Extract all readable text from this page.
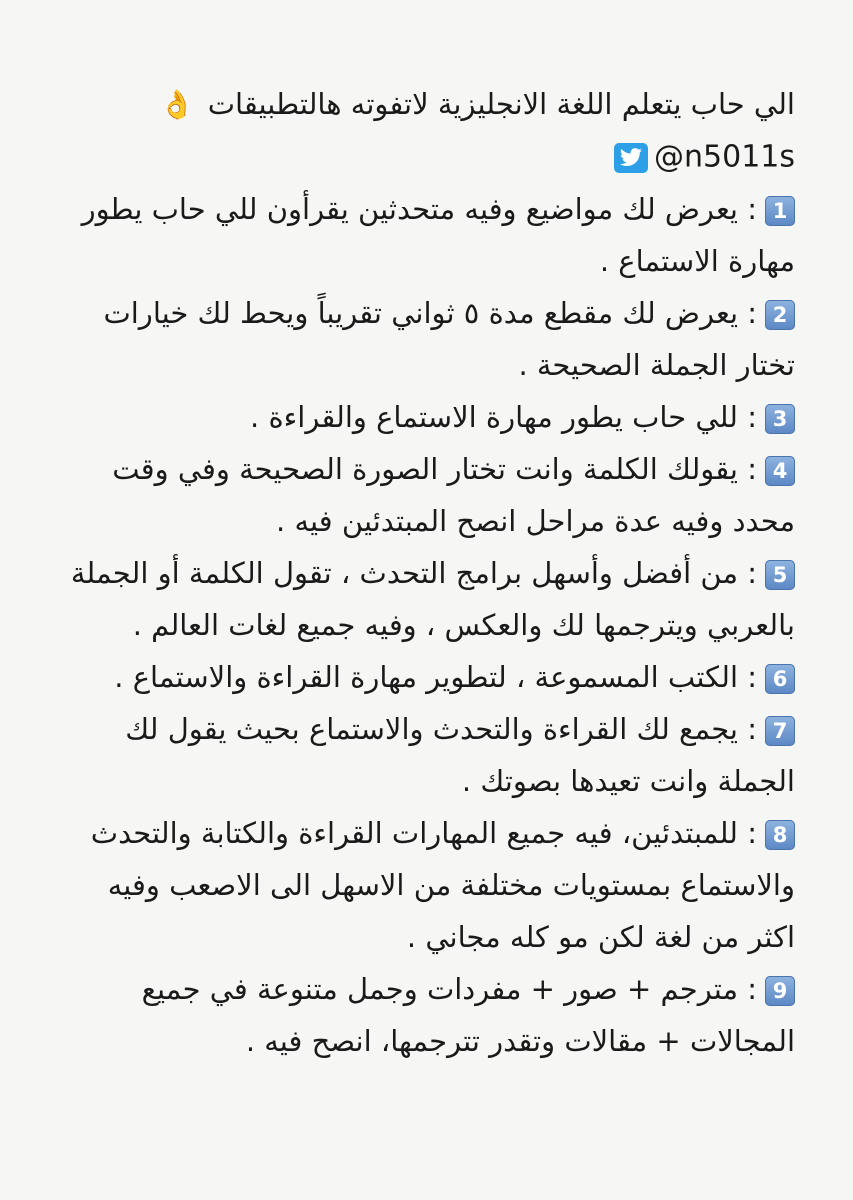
الي حاب يتعلم اللغة الانجليزية لاتفوته هالتطبيقات 👌
@n5011s
1: يعرض لك مواضيع وفيه متحدثين يقرأون للي حاب يطور مهارة الاستماع .
2: يعرض لك مقطع مدة ٥ ثواني تقريباً ويحط لك خيارات تختار الجملة الصحيحة .
3: للي حاب يطور مهارة الاستماع والقراءة .
4: يقولك الكلمة وانت تختار الصورة الصحيحة وفي وقت محدد وفيه عدة مراحل انصح المبتدئين فيه .
5: من أفضل وأسهل برامج التحدث ، تقول الكلمة أو الجملة بالعربي ويترجمها لك والعكس ، وفيه جميع لغات العالم .
6: الكتب المسموعة ، لتطوير مهارة القراءة والاستماع .
7: يجمع لك القراءة والتحدث والاستماع بحيث يقول لك الجملة وانت تعيدها بصوتك .
8: للمبتدئين، فيه جميع المهارات القراءة والكتابة والتحدث والاستماع بمستويات مختلفة من الاسهل الى الاصعب وفيه اكثر من لغة لكن مو كله مجاني .
9: مترجم + صور + مفردات وجمل متنوعة في جميع المجالات + مقالات وتقدر تترجمها، انصح فيه .
